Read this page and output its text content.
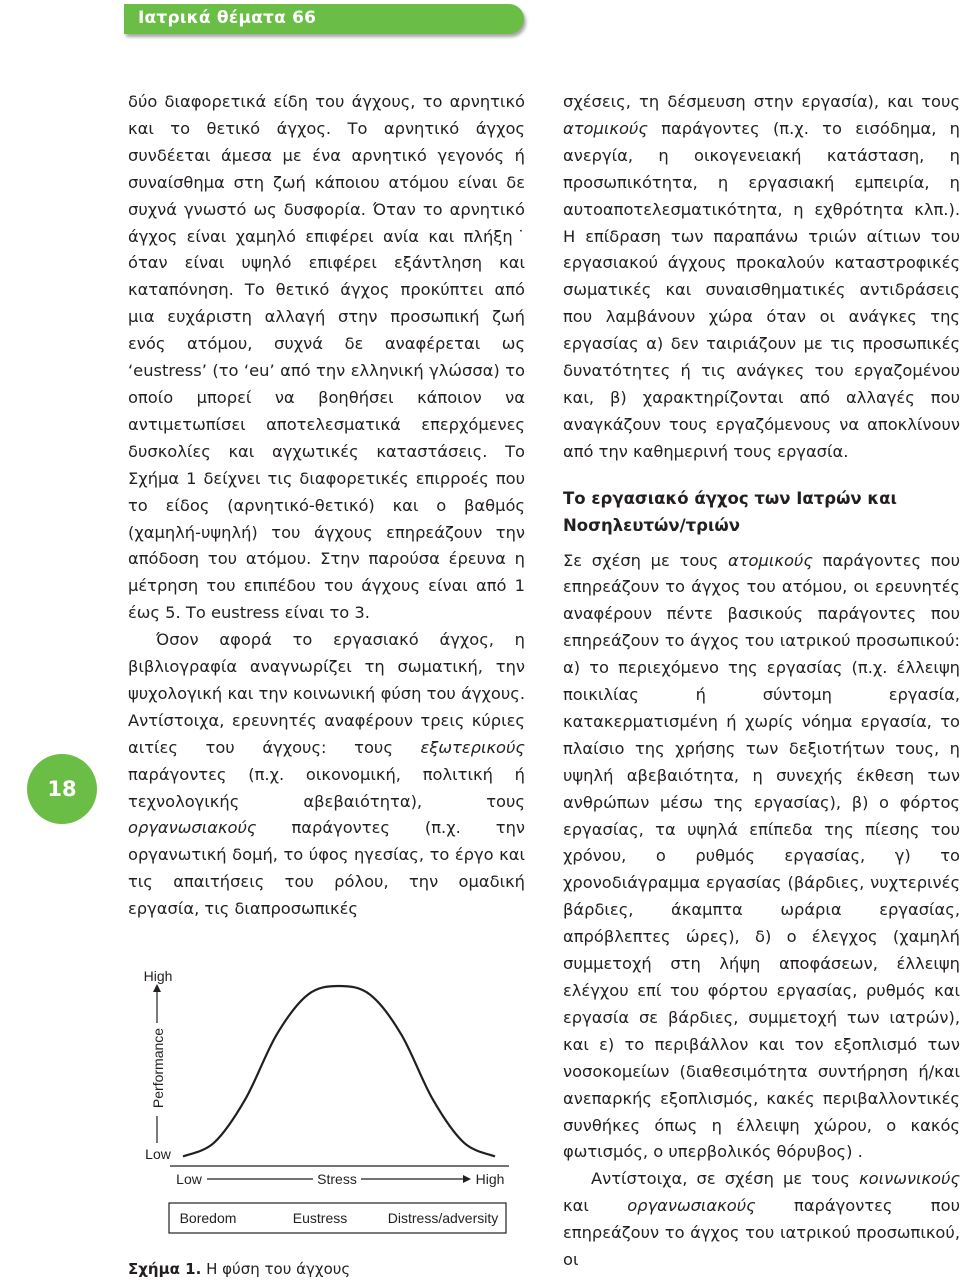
Ιατρικά θέματα 66
18

δύο διαφορετικά είδη του άγχους, το αρνητικό και το θετικό άγχος. Το αρνητικό άγχος συνδέεται άμεσα με ένα αρνητικό γεγονός ή συναίσθημα στη ζωή κάποιου ατόμου είναι δε συχνά γνωστό ως δυσφορία. Όταν το αρνητικό άγχος είναι χαμηλό επιφέρει ανία και πλήξη˙ όταν είναι υψηλό επιφέρει εξάντληση και καταπόνηση. Το θετικό άγχος προκύπτει από μια ευχάριστη αλλαγή στην προσωπική ζωή ενός ατόμου, συχνά δε αναφέρεται ως ‘eustress’ (το ‘eu’ από την ελληνική γλώσσα) το οποίο μπορεί να βοηθήσει κάποιον να αντιμετωπίσει αποτελεσματικά επερχόμενες δυσκολίες και αγχωτικές καταστάσεις. Το Σχήμα 1 δείχνει τις διαφορετικές επιρροές που το είδος (αρνητικό-θετικό) και ο βαθμός (χαμηλή-υψηλή) του άγχους επηρεάζουν την απόδοση του ατόμου. Στην παρούσα έρευνα η μέτρηση του επιπέδου του άγχους είναι από 1 έως 5. Το eustress είναι το 3.

Όσον αφορά το εργασιακό άγχος, η βιβλιογραφία αναγνωρίζει τη σωματική, την ψυχολογική και την κοινωνική φύση του άγχους. Αντίστοιχα, ερευνητές αναφέρουν τρεις κύριες αιτίες του άγχους: τους εξωτερικούς παράγοντες (π.χ. οικονομική, πολιτική ή τεχνολογικής αβεβαιότητα), τους οργανωσιακούς παράγοντες (π.χ. την οργανωτική δομή, το ύφος ηγεσίας, το έργο και τις απαιτήσεις του ρόλου, την ομαδική εργασία, τις διαπροσωπικές

σχέσεις, τη δέσμευση στην εργασία), και τους ατομικούς παράγοντες (π.χ. το εισόδημα, η ανεργία, η οικογενειακή κατάσταση, η προσωπικότητα, η εργασιακή εμπειρία, η αυτοαποτελεσματικότητα, η εχθρότητα κλπ.). Η επίδραση των παραπάνω τριών αίτιων του εργασιακού άγχους προκαλούν καταστροφικές σωματικές και συναισθηματικές αντιδράσεις που λαμβάνουν χώρα όταν οι ανάγκες της εργασίας α) δεν ταιριάζουν με τις προσωπικές δυνατότητες ή τις ανάγκες του εργαζομένου και, β) χαρακτηρίζονται από αλλαγές που αναγκάζουν τους εργαζόμενους να αποκλίνουν από την καθημερινή τους εργασία.

Το εργασιακό άγχος των Ιατρών και Νοσηλευτών/τριών

Σε σχέση με τους ατομικούς παράγοντες που επηρεάζουν το άγχος του ατόμου, οι ερευνητές αναφέρουν πέντε βασικούς παράγοντες που επηρεάζουν το άγχος του ιατρικού προσωπικού: α) το περιεχόμενο της εργασίας (π.χ. έλλειψη ποικιλίας ή σύντομη εργασία, κατακερματισμένη ή χωρίς νόημα εργασία, το πλαίσιο της χρήσης των δεξιοτήτων τους, η υψηλή αβεβαιότητα, η συνεχής έκθεση των ανθρώπων μέσω της εργασίας), β) ο φόρτος εργασίας, τα υψηλά επίπεδα της πίεσης του χρόνου, ο ρυθμός εργασίας, γ) το χρονοδιάγραμμα εργασίας (βάρδιες, νυχτερινές βάρδιες, άκαμπτα ωράρια εργασίας, απρόβλεπτες ώρες), δ) ο έλεγχος (χαμηλή συμμετοχή στη λήψη αποφάσεων, έλλειψη ελέγχου επί του φόρτου εργασίας, ρυθμός και εργασία σε βάρδιες, συμμετοχή των ιατρών), και ε) το περιβάλλον και τον εξοπλισμό των νοσοκομείων (διαθεσιμότητα συντήρηση ή/και ανεπαρκής εξοπλισμός, κακές περιβαλλοντικές συνθήκες όπως η έλλειψη χώρου, ο κακός φωτισμός, ο υπερβολικός θόρυβος) .

Αντίστοιχα, σε σχέση με τους κοινωνικούς και οργανωσιακούς παράγοντες που επηρεάζουν το άγχος του ιατρικού προσωπικού, οι

High
Low
Performance
Low	Stress	High
Boredom	Eustress	Distress/adversity
Σχήμα 1. Η φύση του άγχους
